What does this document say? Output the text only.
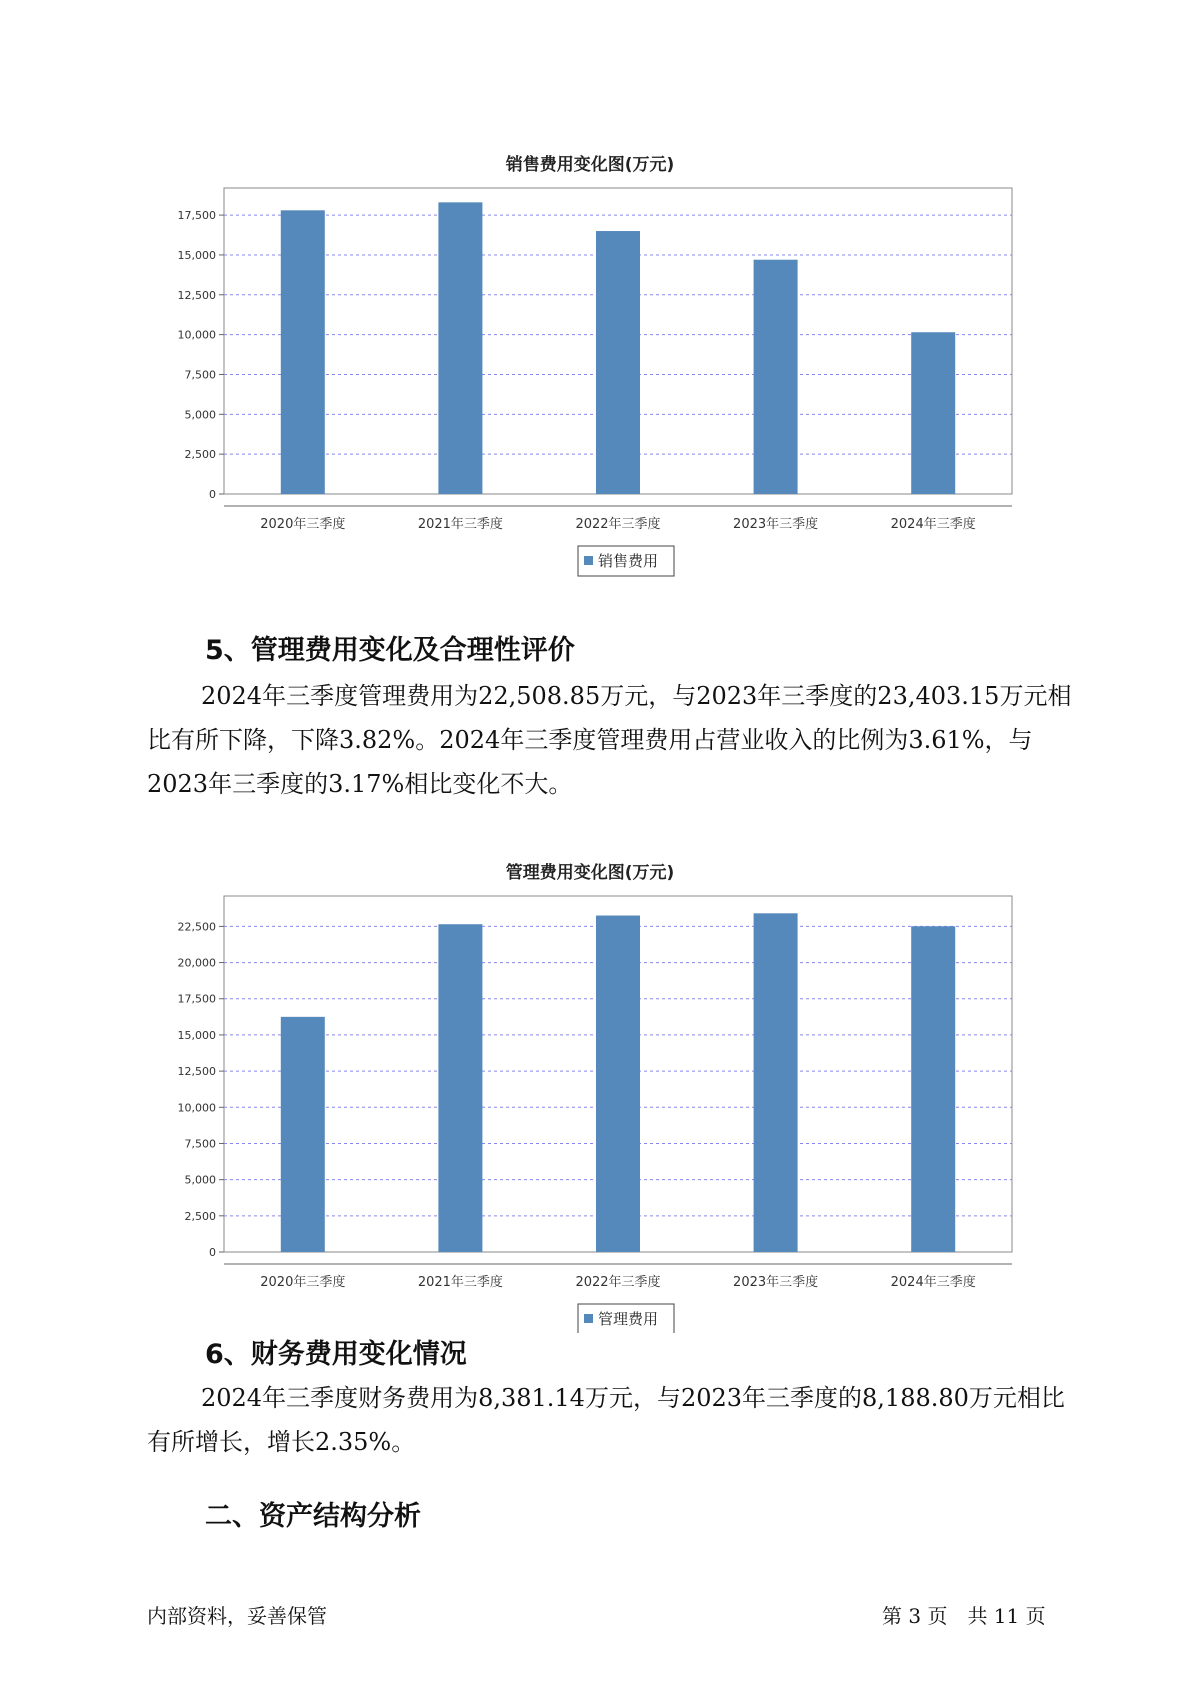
销售费用变化图(万元)
0
2,500
5,000
7,500
10,000
12,500
15,000
17,500
2020年三季度	2021年三季度	2022年三季度	2023年三季度	2024年三季度
销售费用
5、管理费用变化及合理性评价

2024年三季度管理费用为22,508.85万元，与2023年三季度的23,403.15万元相比有所下降，下降3.82%。2024年三季度管理费用占营业收入的比例为3.61%，与2023年三季度的3.17%相比变化不大。

管理费用变化图(万元)
0
2,500
5,000
7,500
10,000
12,500
15,000
17,500
20,000
22,500
2020年三季度	2021年三季度	2022年三季度	2023年三季度	2024年三季度
管理费用
6、财务费用变化情况

2024年三季度财务费用为8,381.14万元，与2023年三季度的8,188.80万元相比有所增长，增长2.35%。

二、资产结构分析
内部资料，妥善保管	第 3 页　共 11 页
